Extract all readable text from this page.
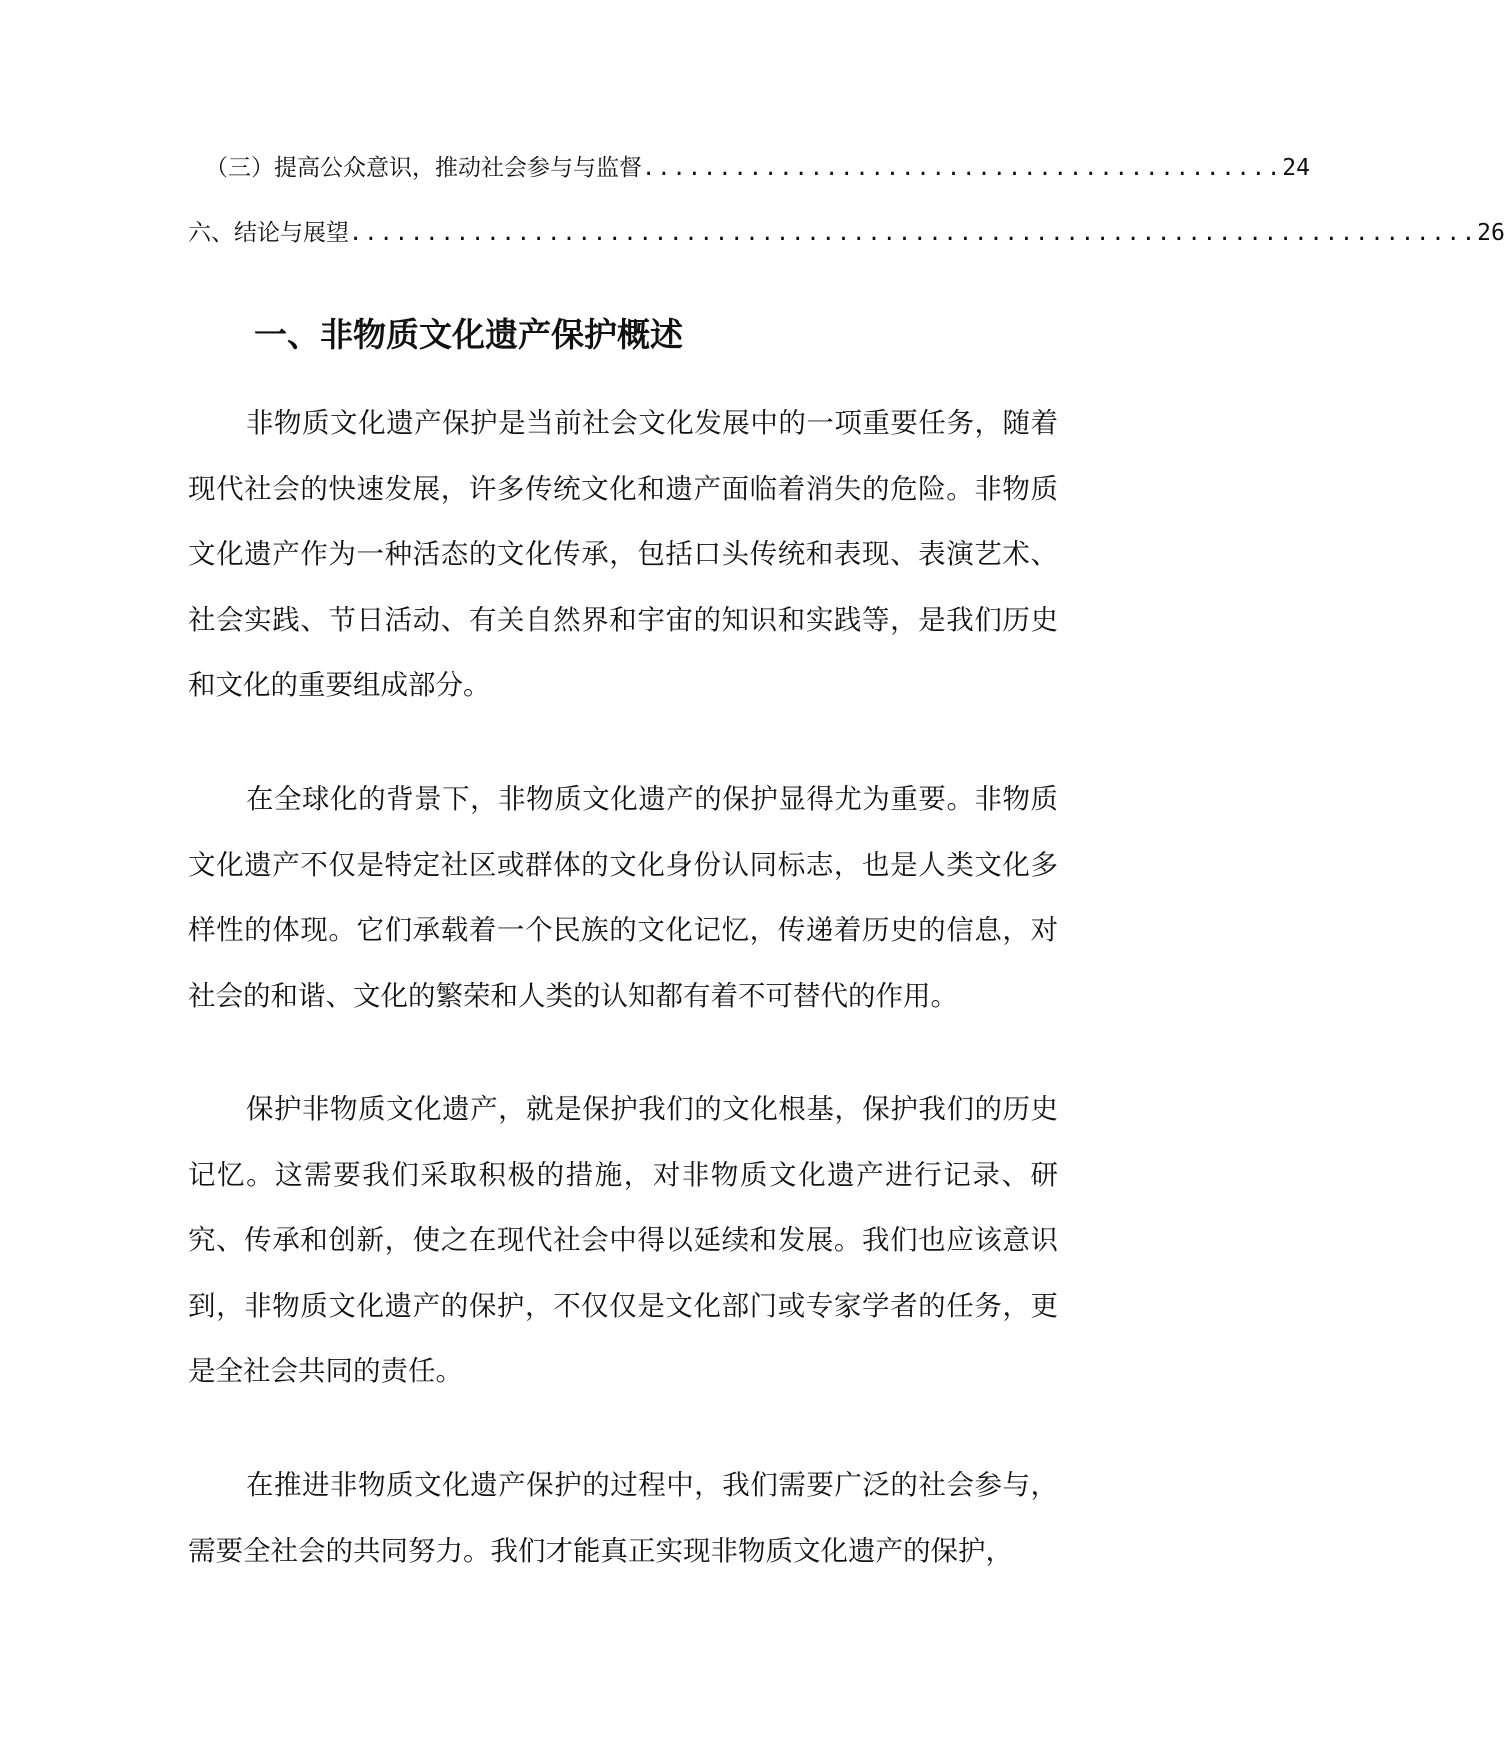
（三）提高公众意识，推动社会参与与监督 .......................................... 24
六、结论与展望 .......................................................................... 26
一、非物质文化遗产保护概述

非物质文化遗产保护是当前社会文化发展中的一项重要任务，随着现代社会的快速发展，许多传统文化和遗产面临着消失的危险。非物质文化遗产作为一种活态的文化传承，包括口头传统和表现、表演艺术、社会实践、节日活动、有关自然界和宇宙的知识和实践等，是我们历史和文化的重要组成部分。

在全球化的背景下，非物质文化遗产的保护显得尤为重要。非物质文化遗产不仅是特定社区或群体的文化身份认同标志，也是人类文化多样性的体现。它们承载着一个民族的文化记忆，传递着历史的信息，对社会的和谐、文化的繁荣和人类的认知都有着不可替代的作用。

保护非物质文化遗产，就是保护我们的文化根基，保护我们的历史记忆。这需要我们采取积极的措施，对非物质文化遗产进行记录、研究、传承和创新，使之在现代社会中得以延续和发展。我们也应该意识到，非物质文化遗产的保护，不仅仅是文化部门或专家学者的任务，更是全社会共同的责任。

在推进非物质文化遗产保护的过程中，我们需要广泛的社会参与，需要全社会的共同努力。我们才能真正实现非物质文化遗产的保护，
